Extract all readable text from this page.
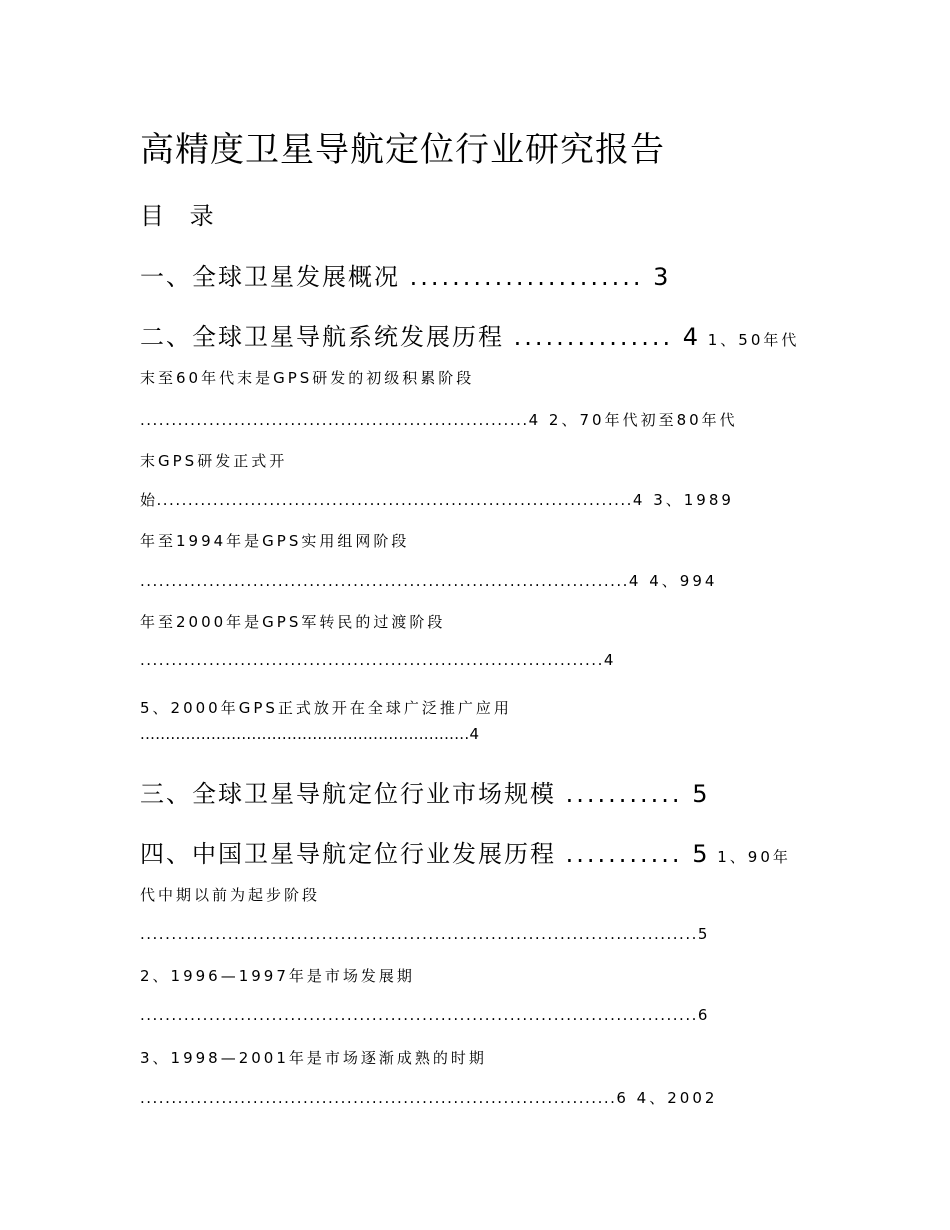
高精度卫星导航定位行业研究报告
目 录
一、全球卫星发展概况 ...................... 3
二、全球卫星导航系统发展历程 ............... 4 1、50年代
末至60年代末是GPS研发的初级积累阶段
..............................................................4 2、70年代初至80年代
末GPS研发正式开
始............................................................................4 3、1989
年至1994年是GPS实用组网阶段
..............................................................................4 4、994
年至2000年是GPS军转民的过渡阶段
..........................................................................4
5、2000年GPS正式放开在全球广泛推广应用
.................................................................4
三、全球卫星导航定位行业市场规模 ........... 5
四、中国卫星导航定位行业发展历程 ........... 5 1、90年
代中期以前为起步阶段
.........................................................................................5
2、1996—1997年是市场发展期
.........................................................................................6
3、1998—2001年是市场逐渐成熟的时期
............................................................................6 4、2002
